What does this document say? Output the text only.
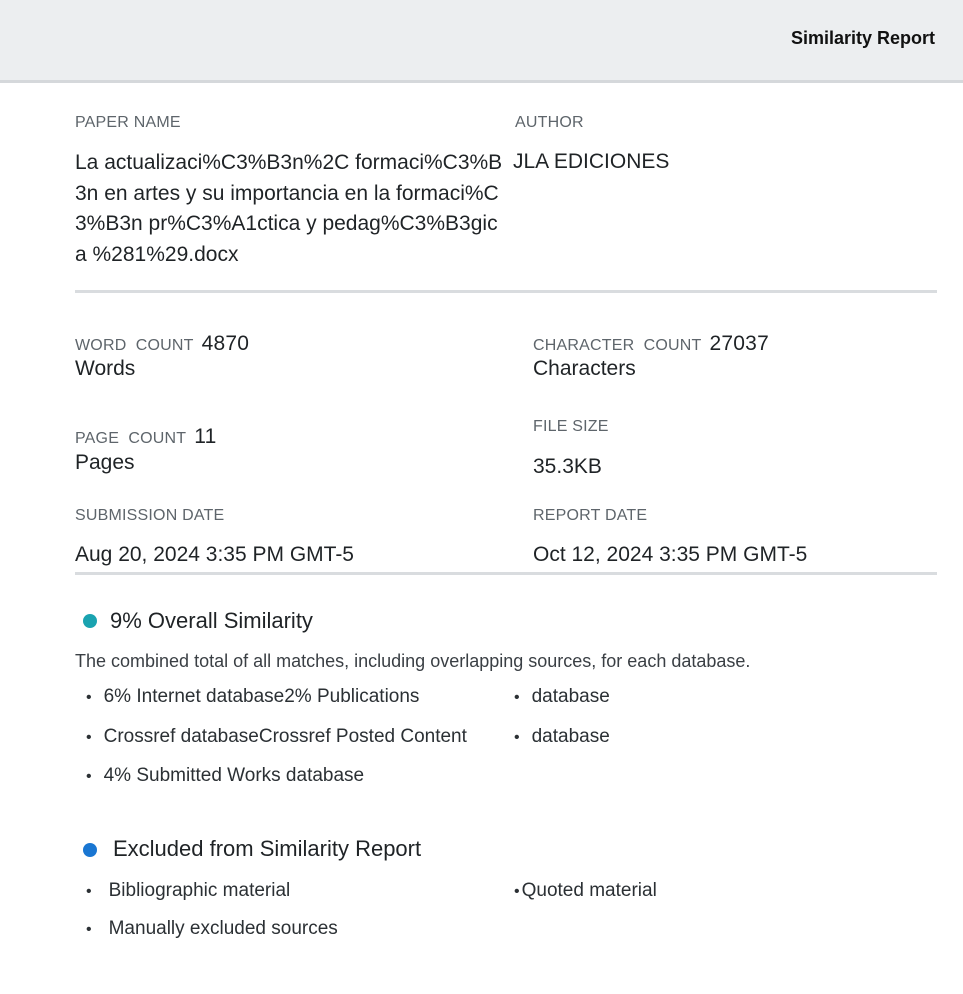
Similarity Report
PAPER NAME
La actualizaci%C3%B3n%2C formaci%C3%B3n en artes y su importancia en la formaci%C3%B3n pr%C3%A1ctica y pedag%C3%B3gica %281%29.docx
AUTHOR
JLA EDICIONES
WORD  COUNT 4870
Words
CHARACTER  COUNT 27037
Characters
PAGE  COUNT 11
Pages
FILE SIZE
35.3KB
SUBMISSION DATE
Aug 20, 2024 3:35 PM GMT-5
REPORT DATE
Oct 12, 2024 3:35 PM GMT-5
9% Overall Similarity
The combined total of all matches, including overlapping sources, for each database.
• 6% Internet database2% Publications
• Crossref databaseCrossref Posted Content
• 4% Submitted Works database
• database
• database
Excluded from Similarity Report
• Bibliographic material
• Manually excluded sources
• Quoted material
